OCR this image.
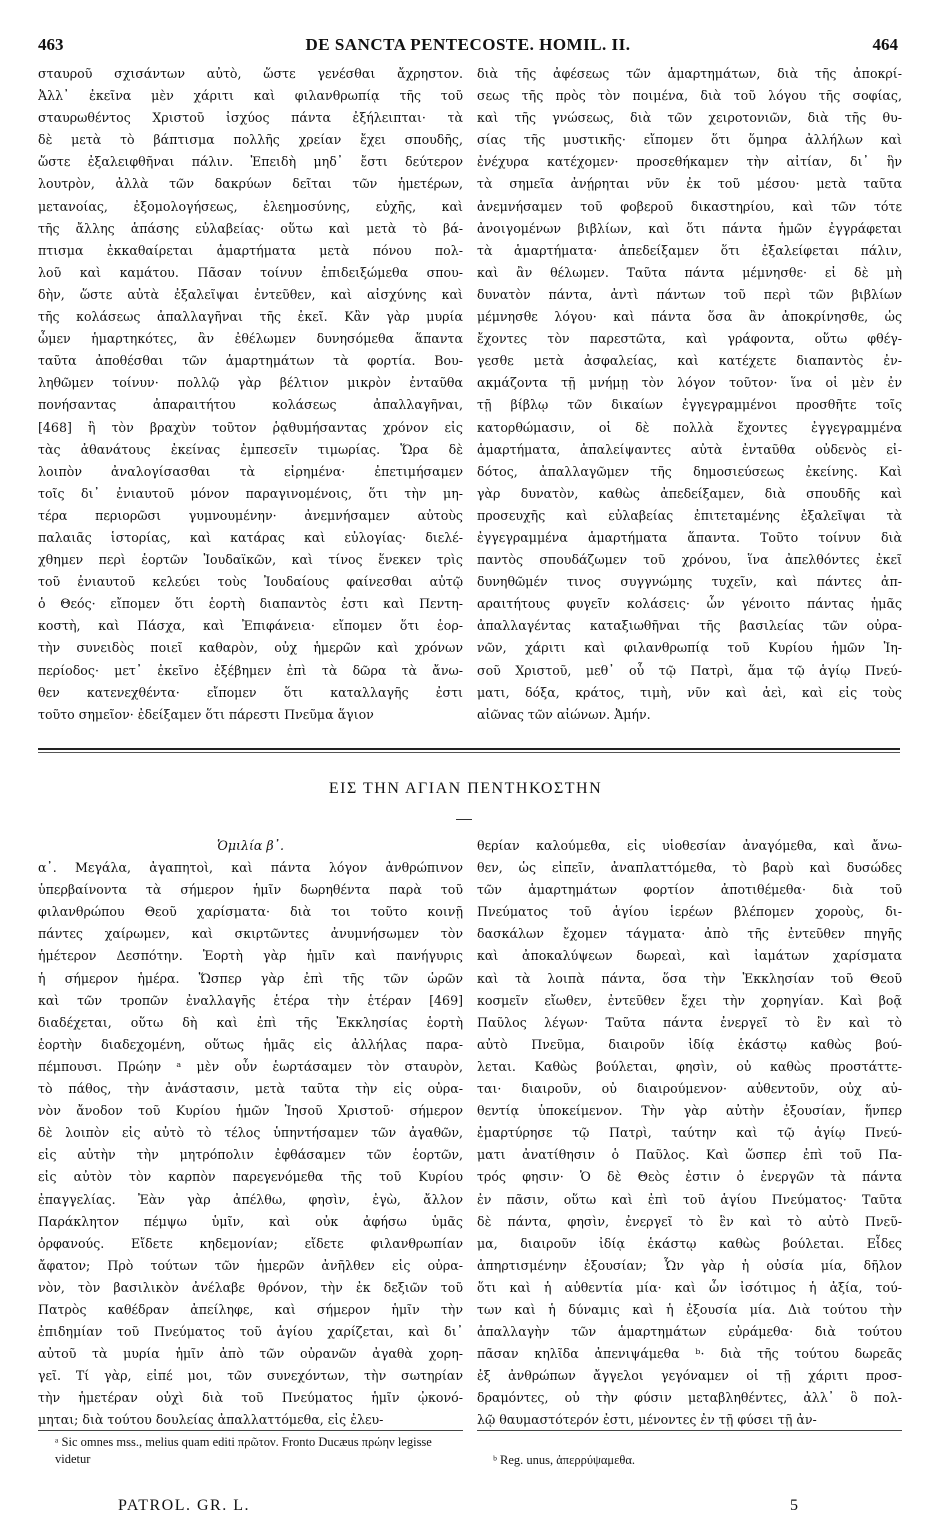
463	DE SANCTA PENTECOSTE. HOMIL. II.	464
σταυροῦ σχισάντων αὐτὸ, ὥστε γενέσθαι ἄχρηστον.
Ἀλλ᾽ ἐκεῖνα μὲν χάριτι καὶ φιλανθρωπίᾳ τῆς τοῦ
σταυρωθέντος Χριστοῦ ἰσχύος πάντα ἐξήλειπται· τὰ
δὲ μετὰ τὸ βάπτισμα πολλῆς χρείαν ἔχει σπουδῆς,
ὥστε ἐξαλειφθῆναι πάλιν. Ἐπειδὴ μηδ᾽ ἔστι δεύτερον
λουτρὸν, ἀλλὰ τῶν δακρύων δεῖται τῶν ἡμετέρων,
μετανοίας, ἐξομολογήσεως, ἐλεημοσύνης, εὐχῆς, καὶ
τῆς ἄλλης ἁπάσης εὐλαβείας· οὕτω καὶ μετὰ τὸ βά-
πτισμα ἐκκαθαίρεται ἁμαρτήματα μετὰ πόνου πολ-
λοῦ καὶ καμάτου. Πᾶσαν τοίνυν ἐπιδειξώμεθα σπου-
δὴν, ὥστε αὐτὰ ἐξαλεῖψαι ἐντεῦθεν, καὶ αἰσχύνης καὶ
τῆς κολάσεως ἀπαλλαγῆναι τῆς ἐκεῖ. Κἂν γὰρ μυρία
ὦμεν ἡμαρτηκότες, ἂν ἐθέλωμεν δυνησόμεθα ἅπαντα
ταῦτα ἀποθέσθαι τῶν ἁμαρτημάτων τὰ φορτία. Βου-
ληθῶμεν τοίνυν· πολλῷ γὰρ βέλτιον μικρὸν ἐνταῦθα
πονήσαντας ἀπαραιτήτου κολάσεως ἀπαλλαγῆναι,
[468] ἢ τὸν βραχὺν τοῦτον ῥᾳθυμήσαντας χρόνον εἰς
τὰς ἀθανάτους ἐκείνας ἐμπεσεῖν τιμωρίας. Ὥρα δὲ
λοιπὸν ἀναλογίσασθαι τὰ εἰρημένα· ἐπετιμήσαμεν
τοῖς δι᾽ ἐνιαυτοῦ μόνον παραγινομένοις, ὅτι τὴν μη-
τέρα περιορῶσι γυμνουμένην· ἀνεμνήσαμεν αὐτοὺς
παλαιᾶς ἱστορίας, καὶ κατάρας καὶ εὐλογίας· διελέ-
χθημεν περὶ ἑορτῶν Ἰουδαϊκῶν, καὶ τίνος ἕνεκεν τρὶς
τοῦ ἐνιαυτοῦ κελεύει τοὺς Ἰουδαίους φαίνεσθαι αὐτῷ
ὁ Θεός· εἴπομεν ὅτι ἑορτὴ διαπαντὸς ἐστι καὶ Πεντη-
κοστὴ, καὶ Πάσχα, καὶ Ἐπιφάνεια· εἴπομεν ὅτι ἑορ-
τὴν συνειδὸς ποιεῖ καθαρὸν, οὐχ ἡμερῶν καὶ χρόνων
περίοδος· μετ᾽ ἐκεῖνο ἐξέβημεν ἐπὶ τὰ δῶρα τὰ ἄνω-
θεν κατενεχθέντα· εἴπομεν ὅτι καταλλαγῆς ἐστι
τοῦτο σημεῖον· ἐδείξαμεν ὅτι πάρεστι Πνεῦμα ἅγιον
διὰ τῆς ἀφέσεως τῶν ἁμαρτημάτων, διὰ τῆς ἀποκρί-
σεως τῆς πρὸς τὸν ποιμένα, διὰ τοῦ λόγου τῆς σοφίας,
καὶ τῆς γνώσεως, διὰ τῶν χειροτονιῶν, διὰ τῆς θυ-
σίας τῆς μυστικῆς· εἴπομεν ὅτι ὅμηρα ἀλλήλων καὶ
ἐνέχυρα κατέχομεν· προσεθήκαμεν τὴν αἰτίαν, δι᾽ ἣν
τὰ σημεῖα ἀνῄρηται νῦν ἐκ τοῦ μέσου· μετὰ ταῦτα
ἀνεμνήσαμεν τοῦ φοβεροῦ δικαστηρίου, καὶ τῶν τότε
ἀνοιγομένων βιβλίων, καὶ ὅτι πάντα ἡμῶν ἐγγράφεται
τὰ ἁμαρτήματα· ἀπεδείξαμεν ὅτι ἐξαλείφεται πάλιν,
καὶ ἂν θέλωμεν. Ταῦτα πάντα μέμνησθε· εἰ δὲ μὴ
δυνατὸν πάντα, ἀντὶ πάντων τοῦ περὶ τῶν βιβλίων
μέμνησθε λόγου· καὶ πάντα ὅσα ἂν ἀποκρίνησθε, ὡς
ἔχοντες τὸν παρεστῶτα, καὶ γράφοντα, οὕτω φθέγ-
γεσθε μετὰ ἀσφαλείας, καὶ κατέχετε διαπαντὸς ἐν-
ακμάζοντα τῇ μνήμῃ τὸν λόγον τοῦτον· ἵνα οἱ μὲν ἐν
τῇ βίβλῳ τῶν δικαίων ἐγγεγραμμένοι προσθῆτε τοῖς
κατορθώμασιν, οἱ δὲ πολλὰ ἔχοντες ἐγγεγραμμένα
ἁμαρτήματα, ἀπαλείψαντες αὐτὰ ἐνταῦθα οὐδενὸς εἰ-
δότος, ἀπαλλαγῶμεν τῆς δημοσιεύσεως ἐκείνης. Καὶ
γὰρ δυνατὸν, καθὼς ἀπεδείξαμεν, διὰ σπουδῆς καὶ
προσευχῆς καὶ εὐλαβείας ἐπιτεταμένης ἐξαλεῖψαι τὰ
ἐγγεγραμμένα ἁμαρτήματα ἅπαντα. Τοῦτο τοίνυν διὰ
παντὸς σπουδάζωμεν τοῦ χρόνου, ἵνα ἀπελθόντες ἐκεῖ
δυνηθῶμέν τινος συγγνώμης τυχεῖν, καὶ πάντες ἀπ-
αραιτήτους φυγεῖν κολάσεις· ὧν γένοιτο πάντας ἡμᾶς
ἀπαλλαγέντας καταξιωθῆναι τῆς βασιλείας τῶν οὐρα-
νῶν, χάριτι καὶ φιλανθρωπίᾳ τοῦ Κυρίου ἡμῶν Ἰη-
σοῦ Χριστοῦ, μεθ᾽ οὗ τῷ Πατρὶ, ἅμα τῷ ἁγίῳ Πνεύ-
ματι, δόξα, κράτος, τιμὴ, νῦν καὶ ἀεὶ, καὶ εἰς τοὺς
αἰῶνας τῶν αἰώνων. Ἀμήν.
ΕΙΣ ΤΗΝ ΑΓΙΑΝ ΠΕΝΤΗΚΟΣΤΗΝ
Ὁμιλία β᾽.
α᾽. Μεγάλα, ἀγαπητοὶ, καὶ πάντα λόγον ἀνθρώπινον
ὑπερβαίνοντα τὰ σήμερον ἡμῖν δωρηθέντα παρὰ τοῦ
φιλανθρώπου Θεοῦ χαρίσματα· διὰ τοι τοῦτο κοινῇ
πάντες χαίρωμεν, καὶ σκιρτῶντες ἀνυμνήσωμεν τὸν
ἡμέτερον Δεσπότην. Ἑορτὴ γὰρ ἡμῖν καὶ πανήγυρις
ἡ σήμερον ἡμέρα. Ὥσπερ γὰρ ἐπὶ τῆς τῶν ὡρῶν
καὶ τῶν τροπῶν ἐναλλαγῆς ἑτέρα τὴν ἑτέραν [469]
διαδέχεται, οὕτω δὴ καὶ ἐπὶ τῆς Ἐκκλησίας ἑορτὴ
ἑορτὴν διαδεχομένη, οὕτως ἡμᾶς εἰς ἀλλήλας παρα-
πέμπουσι. Πρώην ᵃ μὲν οὖν ἑωρτάσαμεν τὸν σταυρὸν,
τὸ πάθος, τὴν ἀνάστασιν, μετὰ ταῦτα τὴν εἰς οὐρα-
νὸν ἄνοδον τοῦ Κυρίου ἡμῶν Ἰησοῦ Χριστοῦ· σήμερον
δὲ λοιπὸν εἰς αὐτὸ τὸ τέλος ὑπηντήσαμεν τῶν ἀγαθῶν,
εἰς αὐτὴν τὴν μητρόπολιν ἐφθάσαμεν τῶν ἑορτῶν,
εἰς αὐτὸν τὸν καρπὸν παρεγενόμεθα τῆς τοῦ Κυρίου
ἐπαγγελίας. Ἐὰν γὰρ ἀπέλθω, φησὶν, ἐγὼ, ἄλλον
Παράκλητον πέμψω ὑμῖν, καὶ οὐκ ἀφήσω ὑμᾶς
ὀρφανούς. Εἴδετε κηδεμονίαν; εἴδετε φιλανθρωπίαν
ἄφατον; Πρὸ τούτων τῶν ἡμερῶν ἀνῆλθεν εἰς οὐρα-
νὸν, τὸν βασιλικὸν ἀνέλαβε θρόνον, τὴν ἐκ δεξιῶν τοῦ
Πατρὸς καθέδραν ἀπείληφε, καὶ σήμερον ἡμῖν τὴν
ἐπιδημίαν τοῦ Πνεύματος τοῦ ἁγίου χαρίζεται, καὶ δι᾽
αὐτοῦ τὰ μυρία ἡμῖν ἀπὸ τῶν οὐρανῶν ἀγαθὰ χορη-
γεῖ. Τί γὰρ, εἰπέ μοι, τῶν συνεχόντων, τὴν σωτηρίαν
τὴν ἡμετέραν οὐχὶ διὰ τοῦ Πνεύματος ἡμῖν ᾠκονό-
μηται; διὰ τούτου δουλείας ἀπαλλαττόμεθα, εἰς ἐλευ-
θερίαν καλούμεθα, εἰς υἱοθεσίαν ἀναγόμεθα, καὶ ἄνω-
θεν, ὡς εἰπεῖν, ἀναπλαττόμεθα, τὸ βαρὺ καὶ δυσώδες
τῶν ἁμαρτημάτων φορτίον ἀποτιθέμεθα· διὰ τοῦ
Πνεύματος τοῦ ἁγίου ἱερέων βλέπομεν χοροὺς, δι-
δασκάλων ἔχομεν τάγματα· ἀπὸ τῆς ἐντεῦθεν πηγῆς
καὶ ἀποκαλύψεων δωρεαὶ, καὶ ἰαμάτων χαρίσματα
καὶ τὰ λοιπὰ πάντα, ὅσα τὴν Ἐκκλησίαν τοῦ Θεοῦ
κοσμεῖν εἴωθεν, ἐντεῦθεν ἔχει τὴν χορηγίαν. Καὶ βοᾷ
Παῦλος λέγων· Ταῦτα πάντα ἐνεργεῖ τὸ ἓν καὶ τὸ
αὐτὸ Πνεῦμα, διαιροῦν ἰδίᾳ ἑκάστῳ καθὼς βού-
λεται. Καθὼς βούλεται, φησὶν, οὐ καθὼς προστάττε-
ται· διαιροῦν, οὐ διαιρούμενον· αὐθεντοῦν, οὐχ αὐ-
θεντίᾳ ὑποκείμενον. Τὴν γὰρ αὐτὴν ἐξουσίαν, ἥνπερ
ἐμαρτύρησε τῷ Πατρὶ, ταύτην καὶ τῷ ἁγίῳ Πνεύ-
ματι ἀνατίθησιν ὁ Παῦλος. Καὶ ὥσπερ ἐπὶ τοῦ Πα-
τρός φησιν· Ὁ δὲ Θεὸς ἐστιν ὁ ἐνεργῶν τὰ πάντα
ἐν πᾶσιν, οὕτω καὶ ἐπὶ τοῦ ἁγίου Πνεύματος· Ταῦτα
δὲ πάντα, φησὶν, ἐνεργεῖ τὸ ἓν καὶ τὸ αὐτὸ Πνεῦ-
μα, διαιροῦν ἰδίᾳ ἑκάστῳ καθὼς βούλεται. Εἶδες
ἀπηρτισμένην ἐξουσίαν; Ὧν γὰρ ἡ οὐσία μία, δῆλον
ὅτι καὶ ἡ αὐθεντία μία· καὶ ὧν ἰσότιμος ἡ ἀξία, τού-
των καὶ ἡ δύναμις καὶ ἡ ἐξουσία μία. Διὰ τούτου τὴν
ἀπαλλαγὴν τῶν ἁμαρτημάτων εὐράμεθα· διὰ τούτου
πᾶσαν κηλῖδα ἀπενιψάμεθα ᵇ· διὰ τῆς τούτου δωρεᾶς
ἐξ ἀνθρώπων ἄγγελοι γεγόναμεν οἱ τῇ χάριτι προσ-
δραμόντες, οὐ τὴν φύσιν μεταβληθέντες, ἀλλ᾽ ὃ πολ-
λῷ θαυμαστότερόν ἐστι, μένοντες ἐν τῇ φύσει τῇ ἀν-
ᵃ Sic omnes mss., melius quam editi πρῶτον. Fronto Ducæus πρώην legisse videtur	ᵇ Reg. unus, ἀπερρύψαμεθα.
PATROL. GR. L.	5
